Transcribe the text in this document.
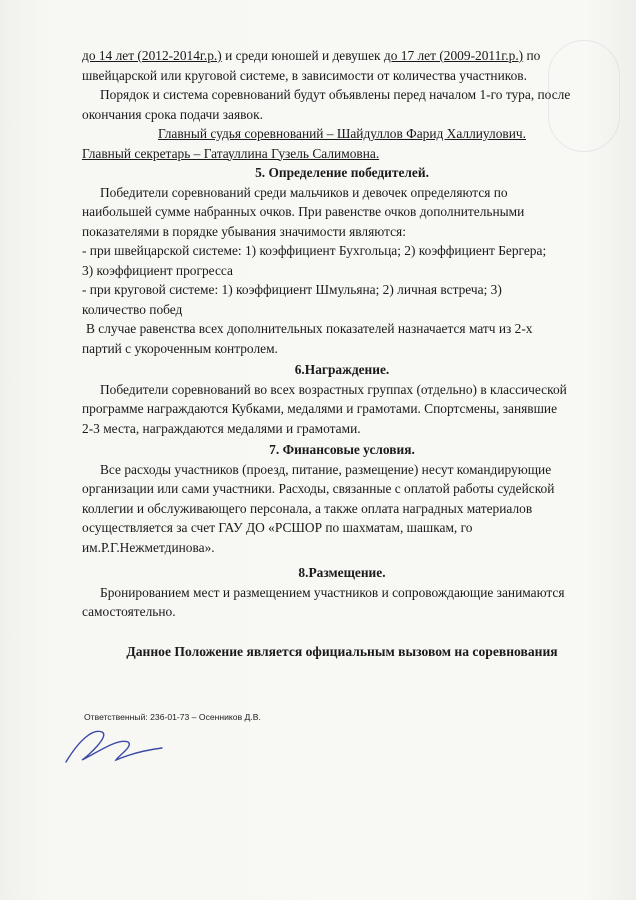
до 14 лет (2012-2014г.р.) и среди юношей и девушек до 17 лет (2009-2011г.р.) по

швейцарской или круговой системе, в зависимости от количества участников.

Порядок и система соревнований будут объявлены перед началом 1-го тура, после

окончания срока подачи заявок.

Главный судья соревнований – Шайдуллов Фарид Халлиулович.

Главный секретарь – Гатауллина Гузель Салимовна.

5. Определение победителей.

Победители соревнований среди мальчиков и девочек определяются по

наибольшей сумме набранных очков. При равенстве очков дополнительными

показателями в порядке убывания значимости являются:

- при швейцарской системе: 1) коэффициент Бухгольца; 2) коэффициент Бергера;

3) коэффициент прогресса

- при круговой системе: 1) коэффициент Шмульяна; 2) личная встреча; 3)

количество побед

В случае равенства всех дополнительных показателей назначается матч из 2-х

партий с укороченным контролем.

6.Награждение.

Победители соревнований во всех возрастных группах (отдельно) в классической

программе награждаются Кубками, медалями и грамотами. Спортсмены, занявшие

2-3 места, награждаются медалями и грамотами.

7. Финансовые условия.

Все расходы участников (проезд, питание, размещение) несут командирующие

организации или сами участники. Расходы, связанные с оплатой работы судейской

коллегии и обслуживающего персонала, а также оплата наградных материалов

осуществляется за счет ГАУ ДО «РСШОР по шахматам, шашкам, го

им.Р.Г.Нежметдинова».

8.Размещение.

Бронированием мест и размещением участников и сопровождающие занимаются

самостоятельно.

Данное Положение является официальным вызовом на соревнования

Ответственный: 236-01-73 – Осенников Д.В.
